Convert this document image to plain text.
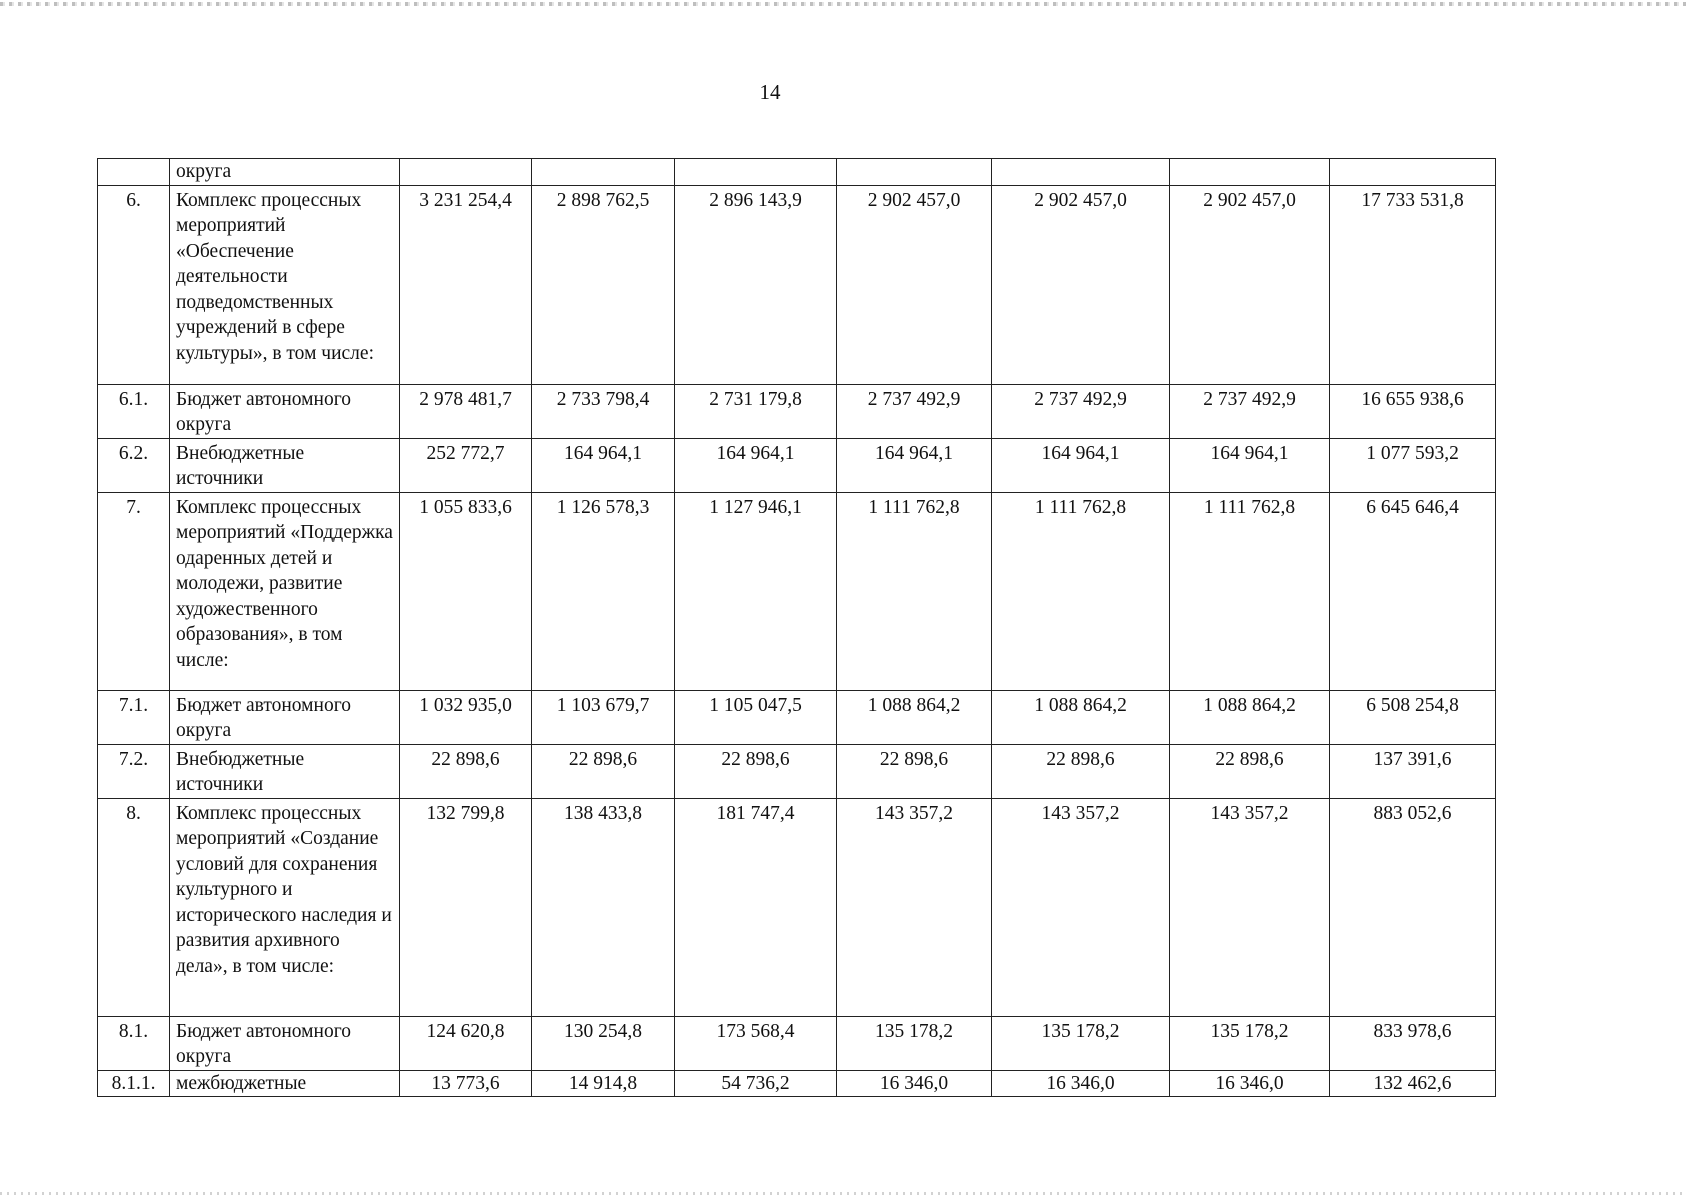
14
	округа							
6.	Комплекс процессных мероприятий «Обеспечение деятельности подведомственных учреждений в сфере культуры», в том числе:	3 231 254,4	2 898 762,5	2 896 143,9	2 902 457,0	2 902 457,0	2 902 457,0	17 733 531,8
6.1.	Бюджет автономного округа	2 978 481,7	2 733 798,4	2 731 179,8	2 737 492,9	2 737 492,9	2 737 492,9	16 655 938,6
6.2.	Внебюджетные источники	252 772,7	164 964,1	164 964,1	164 964,1	164 964,1	164 964,1	1 077 593,2
7.	Комплекс процессных мероприятий «Поддержка одаренных детей и молодежи, развитие художественного образования», в том числе:	1 055 833,6	1 126 578,3	1 127 946,1	1 111 762,8	1 111 762,8	1 111 762,8	6 645 646,4
7.1.	Бюджет автономного округа	1 032 935,0	1 103 679,7	1 105 047,5	1 088 864,2	1 088 864,2	1 088 864,2	6 508 254,8
7.2.	Внебюджетные источники	22 898,6	22 898,6	22 898,6	22 898,6	22 898,6	22 898,6	137 391,6
8.	Комплекс процессных мероприятий «Создание условий для сохранения культурного и исторического наследия и развития архивного дела», в том числе:	132 799,8	138 433,8	181 747,4	143 357,2	143 357,2	143 357,2	883 052,6
8.1.	Бюджет автономного округа	124 620,8	130 254,8	173 568,4	135 178,2	135 178,2	135 178,2	833 978,6
8.1.1.	межбюджетные	13 773,6	14 914,8	54 736,2	16 346,0	16 346,0	16 346,0	132 462,6
